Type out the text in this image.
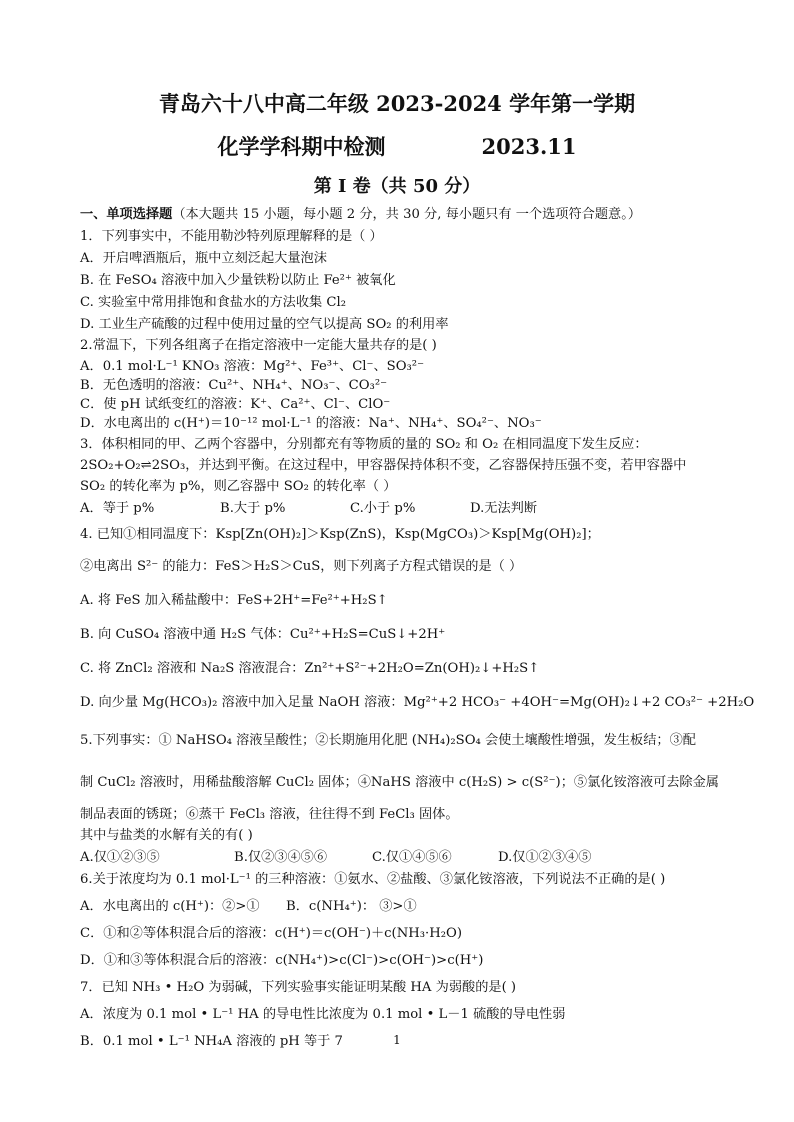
青岛六十八中高二年级 2023-2024 学年第一学期
化学学科期中检测	2023.11
第 I 卷（共 50 分）
一、单项选择题（本大题共 15 小题，每小题 2 分，共 30 分, 每小题只有 一个选项符合题意。）
1．下列事实中，不能用勒沙特列原理解释的是（ ）
A．开启啤酒瓶后，瓶中立刻泛起大量泡沫
B. 在 FeSO₄ 溶液中加入少量铁粉以防止 Fe²⁺ 被氧化
C. 实验室中常用排饱和食盐水的方法收集 Cl₂
D. 工业生产硫酸的过程中使用过量的空气以提高 SO₂ 的利用率
2.常温下，下列各组离子在指定溶液中一定能大量共存的是( )
A．0.1 mol·L⁻¹ KNO₃ 溶液：Mg²⁺、Fe³⁺、Cl⁻、SO₃²⁻
B．无色透明的溶液：Cu²⁺、NH₄⁺、NO₃⁻、CO₃²⁻
C．使 pH 试纸变红的溶液：K⁺、Ca²⁺、Cl⁻、ClO⁻
D．水电离出的 c(H⁺)＝10⁻¹² mol·L⁻¹ 的溶液：Na⁺、NH₄⁺、SO₄²⁻、NO₃⁻
3．体积相同的甲、乙两个容器中，分别都充有等物质的量的 SO₂ 和 O₂ 在相同温度下发生反应：
2SO₂+O₂⇌2SO₃，并达到平衡。在这过程中，甲容器保持体积不变，乙容器保持压强不变，若甲容器中
SO₂ 的转化率为 p%，则乙容器中 SO₂ 的转化率（ ）
A．等于 p%	B.大于 p%	C.小于 p%	D.无法判断
4. 已知①相同温度下：Ksp[Zn(OH)₂]＞Ksp(ZnS)，Ksp(MgCO₃)＞Ksp[Mg(OH)₂]；
②电离出 S²⁻ 的能力：FeS＞H₂S＞CuS，则下列离子方程式错误的是（ ）
A. 将 FeS 加入稀盐酸中：FeS+2H⁺=Fe²⁺+H₂S↑
B. 向 CuSO₄ 溶液中通 H₂S 气体：Cu²⁺+H₂S=CuS↓+2H⁺
C. 将 ZnCl₂ 溶液和 Na₂S 溶液混合：Zn²⁺+S²⁻+2H₂O=Zn(OH)₂↓+H₂S↑
D. 向少量 Mg(HCO₃)₂ 溶液中加入足量 NaOH 溶液：Mg²⁺+2 HCO₃⁻ +4OH⁻=Mg(OH)₂↓+2 CO₃²⁻ +2H₂O
5.下列事实：① NaHSO₄ 溶液呈酸性；②长期施用化肥 (NH₄)₂SO₄ 会使土壤酸性增强，发生板结；③配
制 CuCl₂ 溶液时，用稀盐酸溶解 CuCl₂ 固体；④NaHS 溶液中 c(H₂S) > c(S²⁻)；⑤氯化铵溶液可去除金属
制品表面的锈斑；⑥蒸干 FeCl₃ 溶液，往往得不到 FeCl₃ 固体。
其中与盐类的水解有关的有( )
A.仅①②③⑤	B.仅②③④⑤⑥	C.仅①④⑤⑥	D.仅①②③④⑤
6.关于浓度均为 0.1 mol·L⁻¹ 的三种溶液：①氨水、②盐酸、③氯化铵溶液，下列说法不正确的是( )
A．水电离出的 c(H⁺)：②>① B．c(NH₄⁺)： ③>①
C．①和②等体积混合后的溶液：c(H⁺)＝c(OH⁻)＋c(NH₃·H₂O)
D．①和③等体积混合后的溶液：c(NH₄⁺)>c(Cl⁻)>c(OH⁻)>c(H⁺)
7．已知 NH₃ • H₂O 为弱碱，下列实验事实能证明某酸 HA 为弱酸的是( )
A．浓度为 0.1 mol • L⁻¹ HA 的导电性比浓度为 0.1 mol • L－1 硫酸的导电性弱
B．0.1 mol • L⁻¹ NH₄A 溶液的 pH 等于 7	1
